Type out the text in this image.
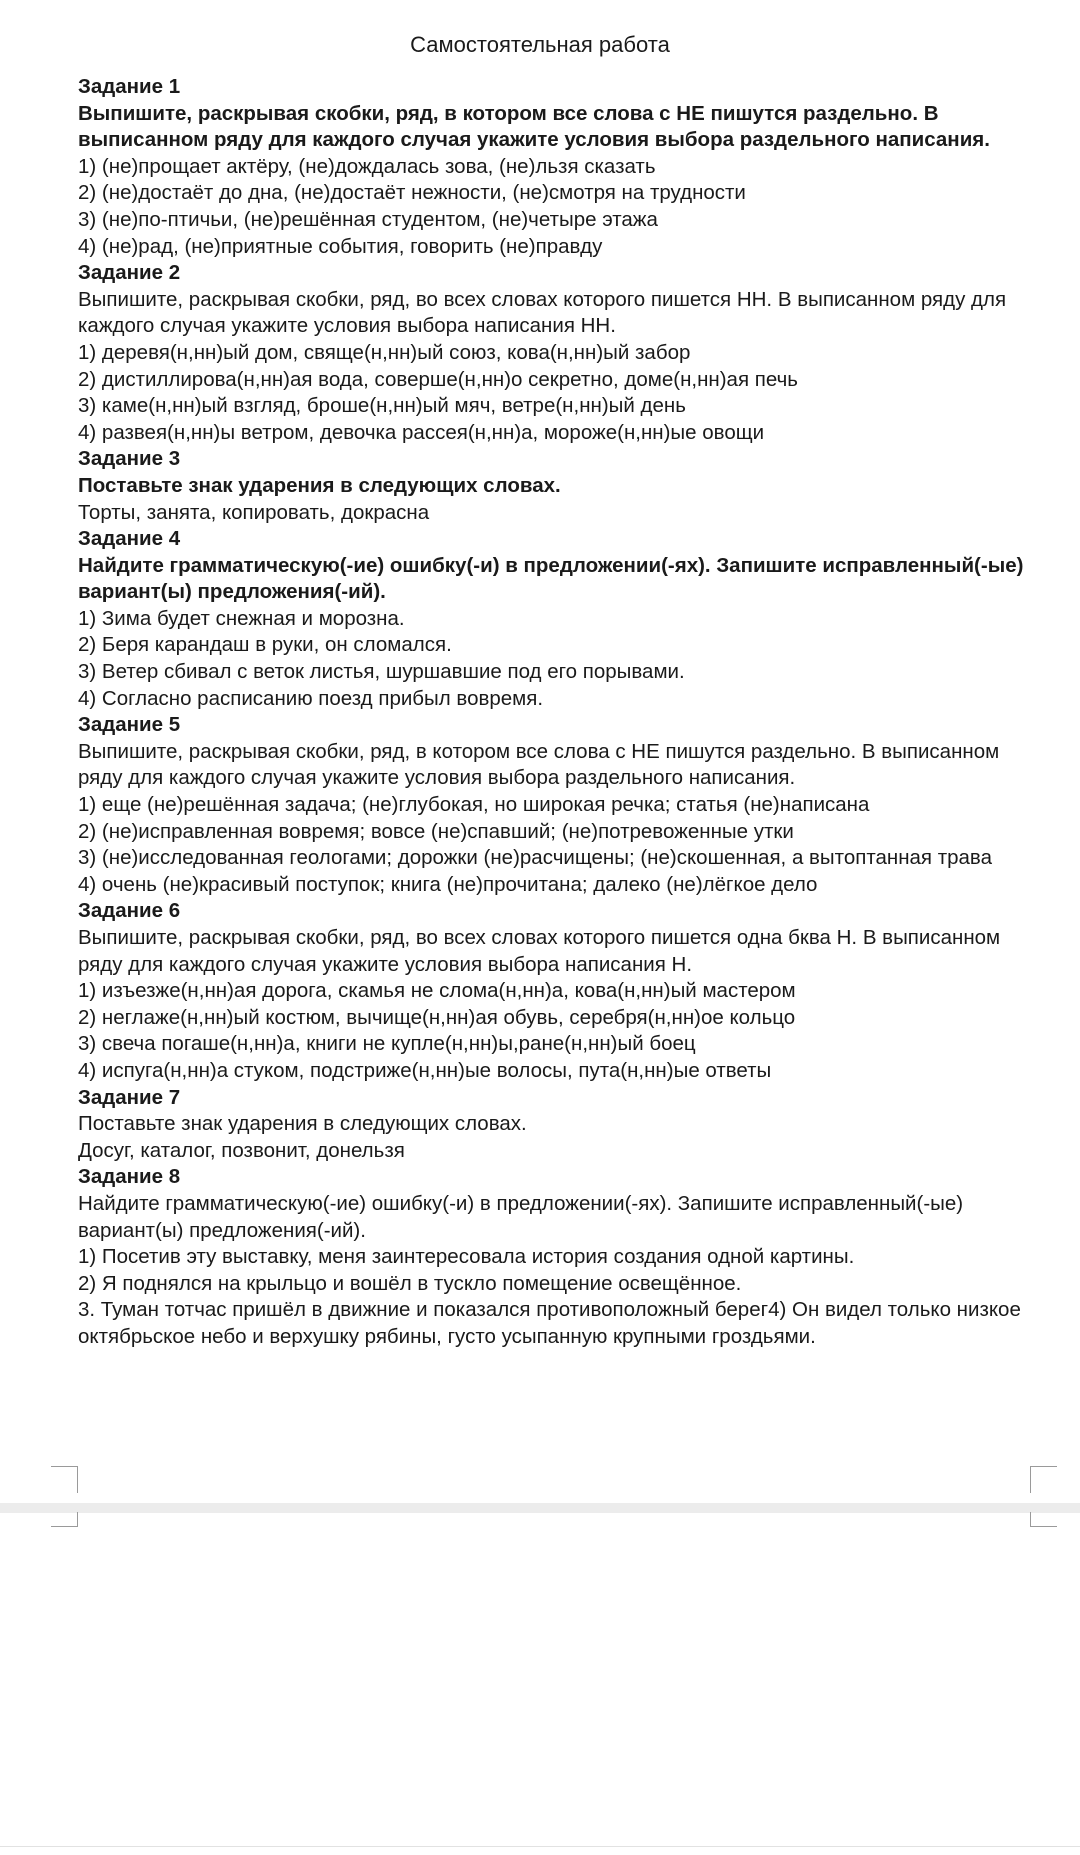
Самостоятельная работа

Задание 1

Выпишите, раскрывая скобки, ряд, в котором все слова с НЕ пишутся раздельно. В выписанном ряду для каждого случая укажите условия выбора раздельного написания.

1) (не)прощает актёру, (не)дождалась зова, (не)льзя сказать

2) (не)достаёт до дна, (не)достаёт нежности, (не)смотря на трудности

3) (не)по-птичьи, (не)решённая студентом, (не)четыре этажа

4) (не)рад, (не)приятные события, говорить (не)правду

Задание 2

Выпишите, раскрывая скобки, ряд, во всех словах которого пишется НН. В выписанном ряду для каждого случая укажите условия выбора написания НН.

1) деревя(н,нн)ый дом, свяще(н,нн)ый союз, кова(н,нн)ый забор

2) дистиллирова(н,нн)ая вода, соверше(н,нн)о секретно, доме(н,нн)ая печь

3) каме(н,нн)ый взгляд, броше(н,нн)ый мяч, ветре(н,нн)ый день

4) развея(н,нн)ы ветром, девочка рассея(н,нн)а, мороже(н,нн)ые овощи

Задание 3

Поставьте знак ударения в следующих словах.

Торты, занята, копировать, докрасна

Задание 4

Найдите грамматическую(-ие) ошибку(-и) в предложении(-ях). Запишите исправленный(-ые) вариант(ы) предложения(-ий).

1) Зима будет снежная и морозна.

2) Беря карандаш в руки, он сломался.

3) Ветер сбивал с веток листья, шуршавшие под его порывами.

4) Согласно расписанию поезд прибыл вовремя.

Задание 5

Выпишите, раскрывая скобки, ряд, в котором все слова с НЕ пишутся раздельно. В выписанном ряду для каждого случая укажите условия выбора раздельного написания.

1) еще (не)решённая задача; (не)глубокая, но широкая речка; статья (не)написана

2) (не)исправленная вовремя; вовсе (не)спавший; (не)потревоженные утки

3) (не)исследованная геологами; дорожки (не)расчищены; (не)скошенная, а вытоптанная трава

4) очень (не)красивый поступок; книга (не)прочитана; далеко (не)лёгкое дело

Задание 6

Выпишите, раскрывая скобки, ряд, во всех словах которого пишется одна бква Н. В выписанном ряду для каждого случая укажите условия выбора написания Н.

1) изъезже(н,нн)ая дорога, скамья не слома(н,нн)а, кова(н,нн)ый мастером

2) неглаже(н,нн)ый костюм, вычище(н,нн)ая обувь, серебря(н,нн)ое кольцо

3) свеча погаше(н,нн)а, книги не купле(н,нн)ы,ране(н,нн)ый боец

4) испуга(н,нн)а стуком, подстриже(н,нн)ые волосы, пута(н,нн)ые ответы

Задание 7

Поставьте знак ударения в следующих словах.

Досуг, каталог, позвонит, донельзя

Задание 8

Найдите грамматическую(-ие) ошибку(-и) в предложении(-ях). Запишите исправленный(-ые) вариант(ы) предложения(-ий).

1) Посетив эту выставку, меня заинтересовала история создания одной картины.

2) Я поднялся на крыльцо и вошёл в тускло помещение освещённое.

3. Туман тотчас пришёл в движние и показался противоположный берег4) Он видел только низкое октябрьское небо и верхушку рябины, густо усыпанную крупными гроздьями.
